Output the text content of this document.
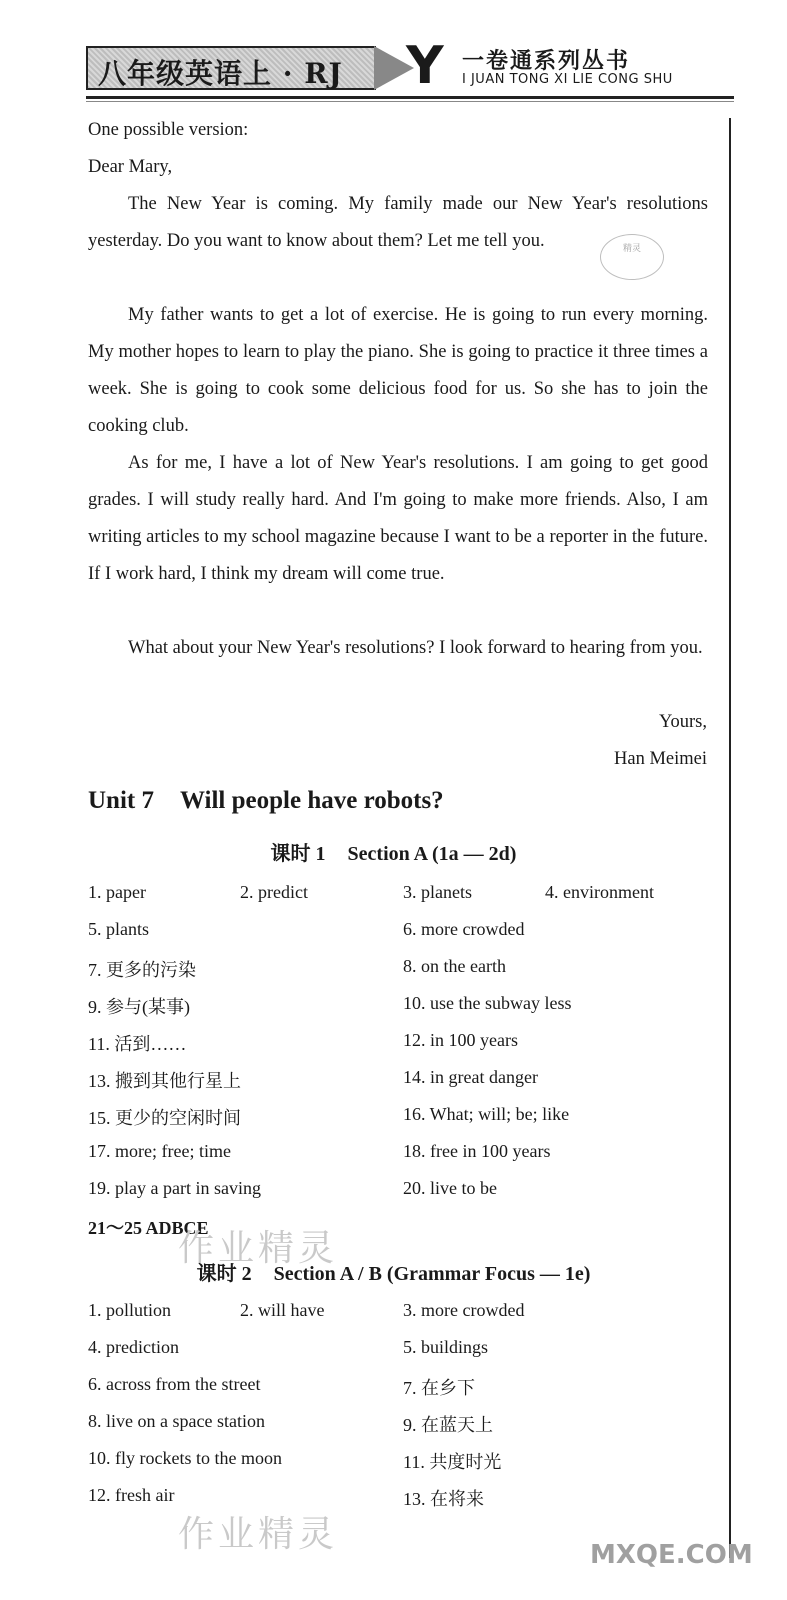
八年级英语上 · RJ Y 一卷通系列丛书
I JUAN TONG XI LIE CONG SHU
One possible version:
Dear Mary,
The New Year is coming. My family made our New Year's resolutions yesterday. Do you want to know about them? Let me tell you.
My father wants to get a lot of exercise. He is going to run every morning. My mother hopes to learn to play the piano. She is going to practice it three times a week. She is going to cook some delicious food for us. So she has to join the cooking club.
As for me, I have a lot of New Year's resolutions. I am going to get good grades. I will study really hard. And I'm going to make more friends. Also, I am writing articles to my school magazine because I want to be a reporter in the future. If I work hard, I think my dream will come true.
What about your New Year's resolutions? I look forward to hearing from you.
Yours,
Han Meimei
精灵
Unit 7 Will people have robots?
课时 1 Section A (1a — 2d)
1. paper	2. predict	3. planets	4. environment
5. plants	6. more crowded
7. 更多的污染	8. on the earth
9. 参与(某事)	10. use the subway less
11. 活到……	12. in 100 years
13. 搬到其他行星上	14. in great danger
15. 更少的空闲时间	16. What; will; be; like
17. more; free; time	18. free in 100 years
19. play a part in saving	20. live to be
21～25 ADBCE
作业精灵
课时 2 Section A / B (Grammar Focus — 1e)
1. pollution	2. will have	3. more crowded
4. prediction	5. buildings
6. across from the street	7. 在乡下
8. live on a space station	9. 在蓝天上
10. fly rockets to the moon	11. 共度时光
12. fresh air	13. 在将来
作业精灵	MXQE.COM
